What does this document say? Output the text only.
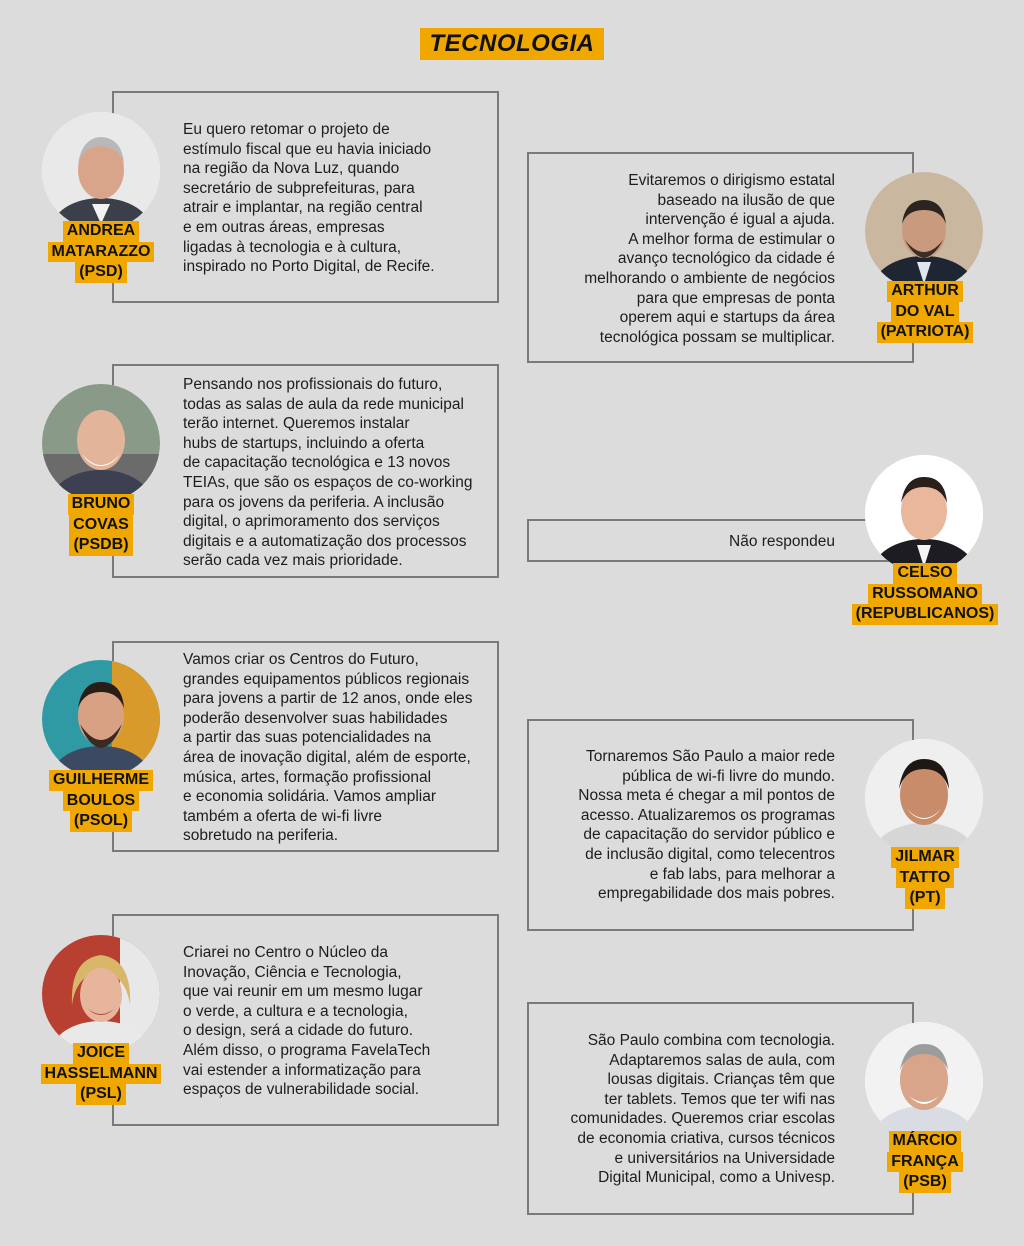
TECNOLOGIA
Eu quero retomar o projeto de
estímulo fiscal que eu havia iniciado
na região da Nova Luz, quando
secretário de subprefeituras, para
atrair e implantar, na região central
e em outras áreas, empresas
ligadas à tecnologia e à cultura,
inspirado no Porto Digital, de Recife.
ANDREA
MATARAZZO
(PSD)
Evitaremos o dirigismo estatal
baseado na ilusão de que
intervenção é igual a ajuda.
A melhor forma de estimular o
avanço tecnológico da cidade é
melhorando o ambiente de negócios
para que empresas de ponta
operem aqui e startups da área
tecnológica possam se multiplicar.
ARTHUR
DO VAL
(PATRIOTA)
Pensando nos profissionais do futuro,
todas as salas de aula da rede municipal
terão internet. Queremos instalar
hubs de startups, incluindo a oferta
de capacitação tecnológica e 13 novos
TEIAs, que são os espaços de co-working
para os jovens da periferia. A inclusão
digital, o aprimoramento dos serviços
digitais e a automatização dos processos
serão cada vez mais prioridade.
BRUNO
COVAS
(PSDB)	Não respondeu
CELSO
RUSSOMANO
(REPUBLICANOS)
Vamos criar os Centros do Futuro,
grandes equipamentos públicos regionais
para jovens a partir de 12 anos, onde eles
poderão desenvolver suas habilidades
a partir das suas potencialidades na
área de inovação digital, além de esporte,
música, artes, formação profissional
e economia solidária. Vamos ampliar
também a oferta de wi-fi livre
sobretudo na periferia.
GUILHERME
BOULOS
(PSOL)
Tornaremos São Paulo a maior rede
pública de wi-fi livre do mundo.
Nossa meta é chegar a mil pontos de
acesso. Atualizaremos os programas
de capacitação do servidor público e
de inclusão digital, como telecentros
e fab labs, para melhorar a
empregabilidade dos mais pobres.
JILMAR
TATTO
(PT)
Criarei no Centro o Núcleo da
Inovação, Ciência e Tecnologia,
que vai reunir em um mesmo lugar
o verde, a cultura e a tecnologia,
o design, será a cidade do futuro.
Além disso, o programa FavelaTech
vai estender a informatização para
espaços de vulnerabilidade social.
JOICE
HASSELMANN
(PSL)
São Paulo combina com tecnologia.
Adaptaremos salas de aula, com
lousas digitais. Crianças têm que
ter tablets. Temos que ter wifi nas
comunidades. Queremos criar escolas
de economia criativa, cursos técnicos
e universitários na Universidade
Digital Municipal, como a Univesp.
MÁRCIO
FRANÇA
(PSB)
